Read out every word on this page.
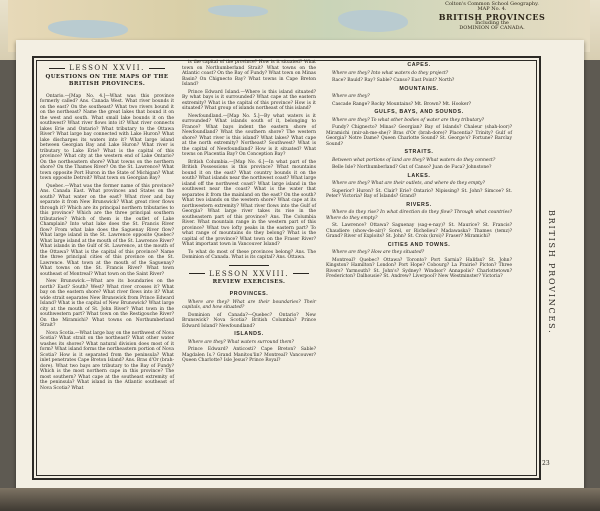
Colton's Common School Geography.
MAP No. 4.
BRITISH PROVINCES
Including the
DOMINION OF CANADA.
LESSON XXVII.
QUESTIONS ON THE MAPS OF THE BRITISH PROVINCES.

Ontario.—[Map No. 4.]—What was this province formerly called? Ans. Canada West. What river bounds it on the east? On the southeast? What two rivers bound it on the northeast? Name the great lakes that bound it on the west and south. What small lake bounds it on the southwest? What river flows into it? What river connects lakes Erie and Ontario? What tributary to the Ottawa River? What large bay connected with Lake Huron? What lake discharges its waters into it? What large island between Georgian Bay and Lake Huron? What river is tributary to Lake Erie? What is the capital of this province? What city at the western end of Lake Ontario? On the northeastern shore? What towns on the northern shore? On the Thames River? On the St. Lawrence? What town opposite Port Huron in the State of Michigan? What town opposite Detroit? What town on Georgian Bay?

Quebec.—What was the former name of this province? Ans. Canada East. What provinces and States on the south? What water on the east? What river and bay separate it from New Brunswick? What great river flows through it? Which are its principal northern tributaries to this province? Which are the three principal southern tributaries? Which of them is the outlet of Lake Champlain? Into what lake does the St. Francis River flow? From what lake does the Saguenay River flow? What large island in the St. Lawrence opposite Quebec? What large island at the mouth of the St. Lawrence River? What islands in the Gulf of St. Lawrence, at the mouth of the Ottawa? What is the capital of this province? Name the three principal cities of this province on the St. Lawrence. What town at the mouth of the Saguenay? What towns on the St. Francis River? What town southeast of Montreal? What town on the Saint River?

New Brunswick.—What are its boundaries on the north? East? South? West? What river crosses it? What bay on the eastern shore? What river flows into it? What wide strait separates New Brunswick from Prince Edward Island? What is the capital of New Brunswick? What large city at the mouth of St. John River? What town in the southwestern part? What town on the Restigouche River? On the Miramichi? What towns on Northumberland Strait?

Nova Scotia.—What large bay on the northwest of Nova Scotia? What strait on the northeast? What other water washes its shores? What natural division does most of it form? What island forms the northeastern portion of Nova Scotia? How is it separated from the peninsula? What inlet penetrates Cape Breton Island? Ans. Bras d'Or (brah-dore). What two bays are tributary to the Bay of Fundy? Which is the most northern cape in this province? The most southern? What cape at the southeast extremity of the peninsula? What island in the Atlantic southeast of Nova Scotia? What

is the capital of the province? How is it situated? What town on Northumberland Strait? What towns on the Atlantic coast? On the Bay of Fundy? What town on Minas Basin? On Chignecto Bay? What towns in Cape Breton Island?

Prince Edward Island.—Where is this island situated? By what bays is it surrounded? What cape at the eastern extremity? What is the capital of this province? How is it situated? What group of islands northeast of this island?

Newfoundland.—[Map No. 5.]—By what waters is it surrounded? What islands south of it, belonging to France? What bays indent the eastern shore of Newfoundland? What the southern shore? The western shore? What river is this island? What lakes? What cape at the north extremity? Northeast? Southwest? What is the capital of Newfoundland? How is it situated? What towns on Placentia Bay? On Conception Bay?

British Columbia.—[Map No. 6.]—In what part of the British Possessions is this province? What mountains bound it on the east? What country bounds it on the south? What islands near the northwest coast? What large island off the northwest coast? What large island in the southwest near the coast? What is the water that separates it from the mainland on the east? On the south? What two islands on the western shore? What cape at its northwestern extremity? What river flows into the Gulf of Georgia? What large river takes its rise in the southeastern part of this province? Ans. The Columbia River. What mountain range in the western part of this province? What two lofty peaks in the eastern part? To what range of mountains do they belong? What is the capital of the province? What town on the Fraser River? What important town in Vancouver Island?

To what do most of these provinces belong? Ans. The Dominion of Canada. What is its capital? Ans. Ottawa.

LESSON XXVIII.
REVIEW EXERCISES.
PROVINCES.

Where are they? What are their boundaries? Their capitals, and how situated?

Dominion of Canada?—Quebec? Ontario? New Brunswick? Nova Scotia? British Columbia? Prince Edward Island? Newfoundland?

ISLANDS.

Where are they? What waters surround them?

Prince Edward? Anticosti? Cape Breton? Sable? Magdalen Is.? Grand Manitou'lin? Montreal? Vancouver? Queen Charlotte? Isle Jesus? Prince Royal?

CAPES.

Where are they? Into what waters do they project?

Race? Bauld? Ray? Sable? Canso? East Point? North?

MOUNTAINS.

Where are they?

Cascade Range? Rocky Mountains? Mt. Brown? Mt. Hooker?

GULFS, BAYS, AND SOUNDS.

Where are they? To what other bodies of water are they tributary?

Fundy? Chignecto? Minas? Georgian? Bay of Islands? Chaleur (shah-loor)? Miramichi (mir-ah-me-she)? Bras d'Or (brah-dore)? Placentia? Trinity? Gulf of Georgia? Notre Dame? Queen Charlotte Sound? St. George's? Fortune? Barclay Sound?

STRAITS.

Between what portions of land are they? What waters do they connect?

Belle Isle? Northumberland? Gut of Canso? Juan de Fuca? Johnstone?

LAKES.

Where are they? What are their outlets, and where do they empty?

Superior? Huron? St. Clair? Erie? Ontario? Nipissing? St. John? Simcoe? St. Peter? Victoria? Bay of Islands? Grand?

RIVERS.

Where do they rise? In what direction do they flow? Through what countries? Where do they empty?

St. Lawrence? Ottawa? Saguenay (sag-e-nay)? St. Maurice? St. Francis? Chaudiere (show-de-air)? Sorel, or Richelieu? Madawaska? Thames (temz)? Grand? River of Exploits? St. John? St. Croix (kroi)? Fraser? Miramichi?

CITIES AND TOWNS.

Where are they? How are they situated?

Montreal? Quebec? Ottawa? Toronto? Port Sarnia? Halifax? St. John? Kingston? Hamilton? London? Port Hope? Cobourg? La Prairie? Picton? Three Rivers? Yarmouth? St. John's? Sydney? Windsor? Annapolis? Charlottetown? Fredericton? Dalhousie? St. Andrew? Liverpool? New Westminster? Victoria?	BRITISH PROVINCES.
23
